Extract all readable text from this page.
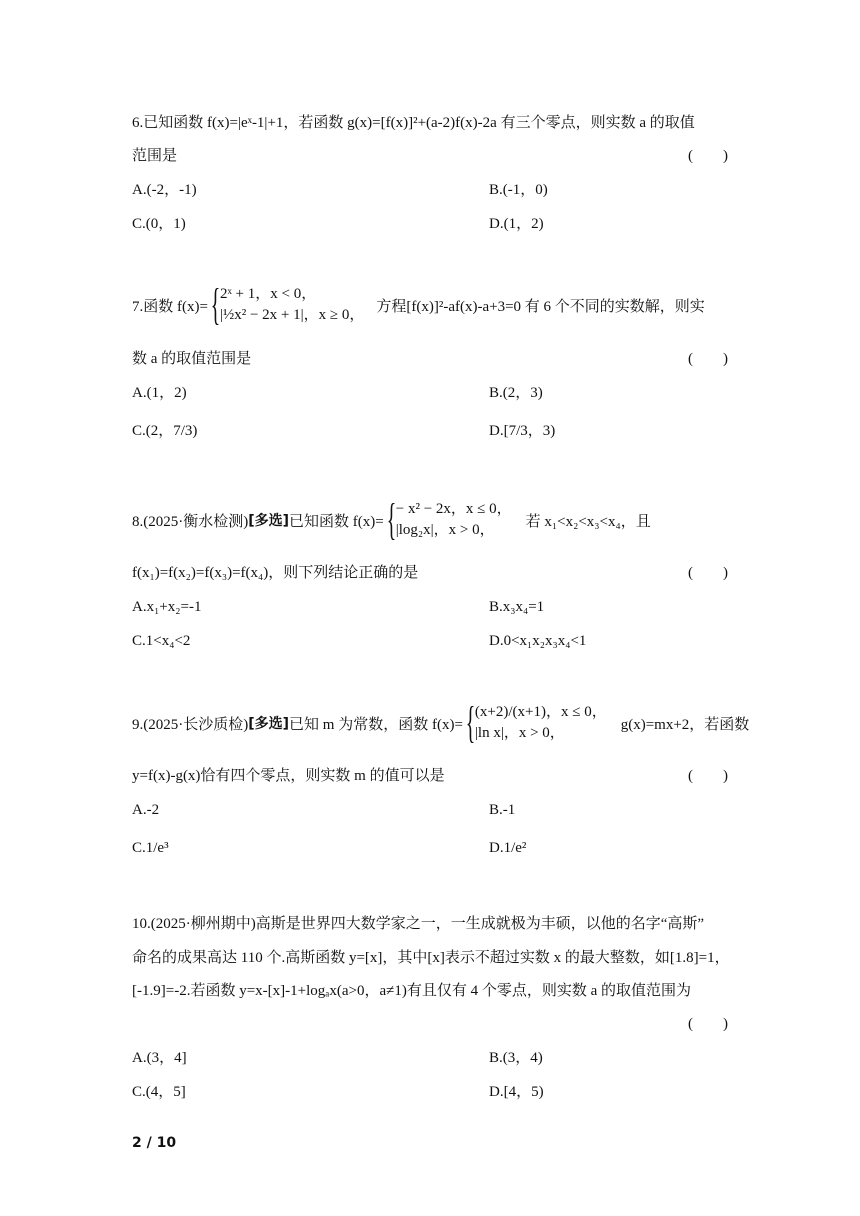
6.已知函数 f(x)=|eˣ-1|+1，若函数 g(x)=[f(x)]²+(a-2)f(x)-2a 有三个零点，则实数 a 的取值
范围是	(        )
A.(-2，-1)	B.(-1，0)
C.(0，1)	D.(1，2)
7.函数 f(x)= { 2ˣ + 1，x < 0，
|½x² − 2x + 1|，x ≥ 0，
方程[f(x)]²-af(x)-a+3=0 有 6 个不同的实数解，则实
数 a 的取值范围是	(        )
A.(1，2)	B.(2，3)
C.(2，7/3)	D.[7/3，3)
8.(2025·衡水检测) [多选] 已知函数 f(x)= { − x² − 2x，x ≤ 0，
|log₂x|，x > 0，
若 x₁<x₂<x₃<x₄，且
f(x₁)=f(x₂)=f(x₃)=f(x₄)，则下列结论正确的是	(        )
A.x₁+x₂=-1	B.x₃x₄=1
C.1<x₄<2	D.0<x₁x₂x₃x₄<1
9.(2025·长沙质检) [多选] 已知 m 为常数，函数 f(x)= { (x+2)/(x+1)，x ≤ 0，
|ln x|，x > 0，
g(x)=mx+2，若函数
y=f(x)-g(x)恰有四个零点，则实数 m 的值可以是	(        )
A.-2	B.-1
C.1/e³	D.1/e²
10.(2025·柳州期中)高斯是世界四大数学家之一，一生成就极为丰硕，以他的名字“高斯”
命名的成果高达 110 个.高斯函数 y=[x]，其中[x]表示不超过实数 x 的最大整数，如[1.8]=1，
[-1.9]=-2.若函数 y=x-[x]-1+logₐx(a>0，a≠1)有且仅有 4 个零点，则实数 a 的取值范围为
(        )
A.(3，4]	B.(3，4)
C.(4，5]	D.[4，5)
2 / 10
